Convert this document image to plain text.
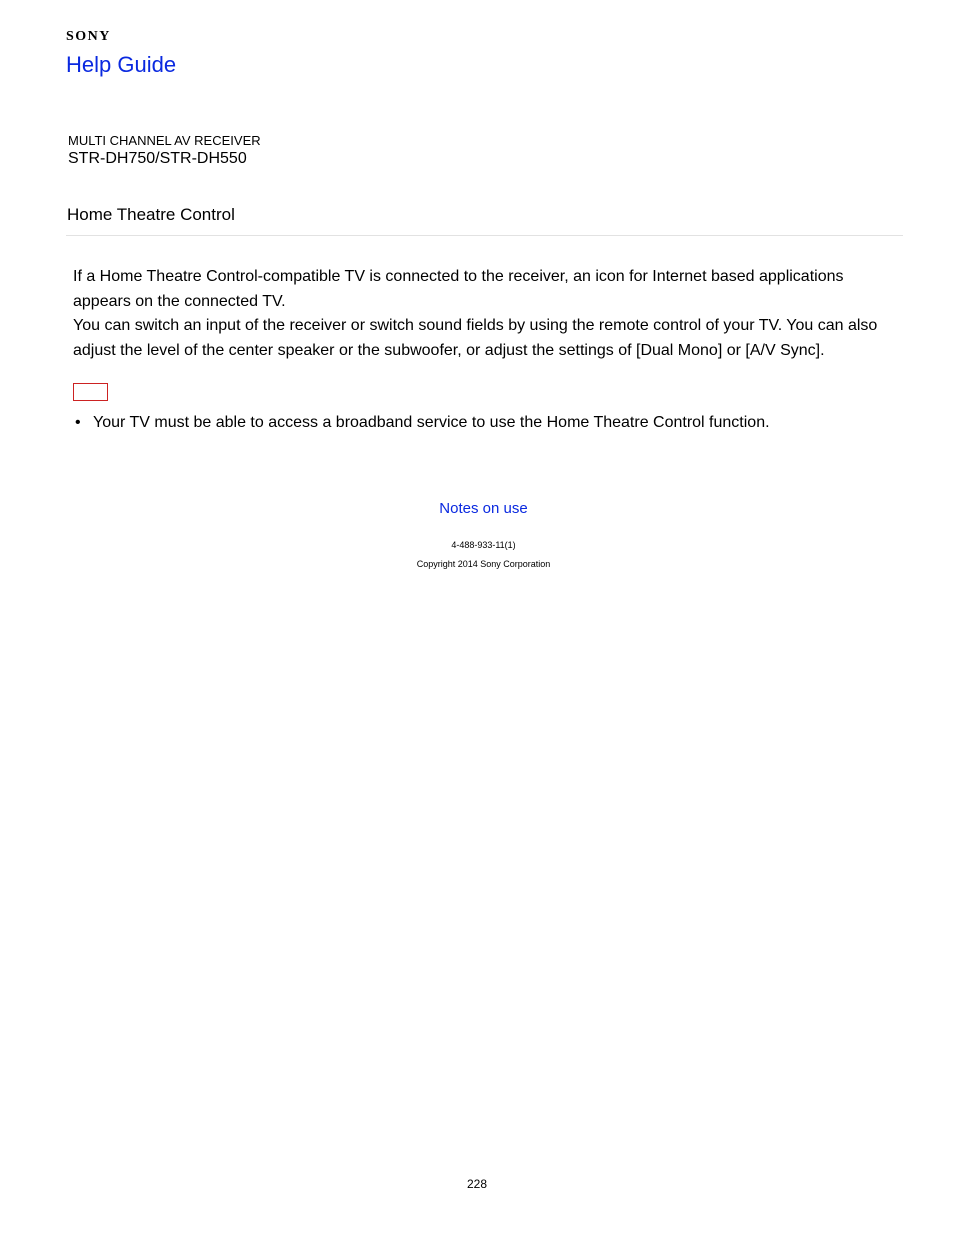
SONY
Help Guide
MULTI CHANNEL AV RECEIVER
STR-DH750/STR-DH550
Home Theatre Control

If a Home Theatre Control-compatible TV is connected to the receiver, an icon for Internet based applications appears on the connected TV.

You can switch an input of the receiver or switch sound fields by using the remote control of your TV. You can also adjust the level of the center speaker or the subwoofer, or adjust the settings of [Dual Mono] or [A/V Sync].

• Your TV must be able to access a broadband service to use the Home Theatre Control function.
Notes on use
4-488-933-11(1)
Copyright 2014 Sony Corporation
228
